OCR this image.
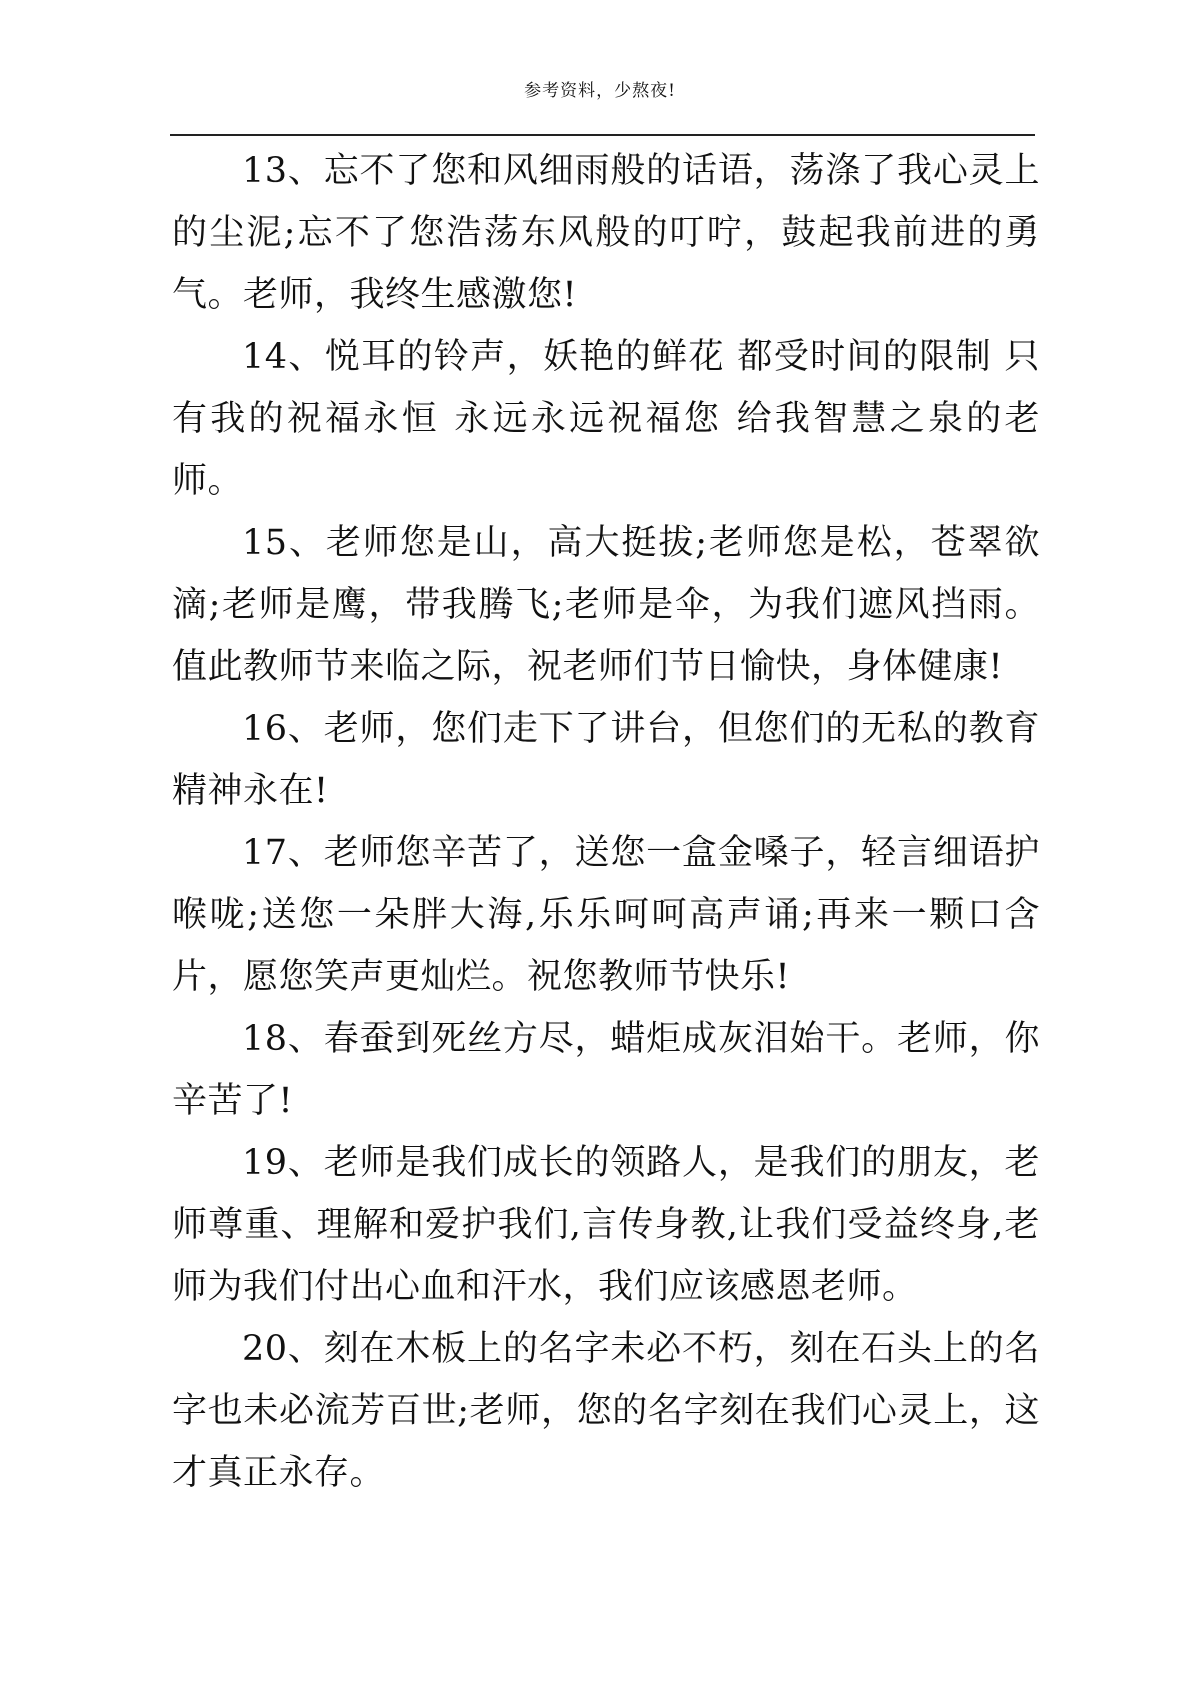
参考资料，少熬夜!

13、忘不了您和风细雨般的话语，荡涤了我心灵上的尘泥;忘不了您浩荡东风般的叮咛，鼓起我前进的勇气。老师，我终生感激您!

14、悦耳的铃声，妖艳的鲜花 都受时间的限制 只有我的祝福永恒 永远永远祝福您 给我智慧之泉的老师。

15、老师您是山，高大挺拔;老师您是松，苍翠欲滴;老师是鹰，带我腾飞;老师是伞，为我们遮风挡雨。值此教师节来临之际，祝老师们节日愉快，身体健康!

16、老师，您们走下了讲台，但您们的无私的教育精神永在!

17、老师您辛苦了，送您一盒金嗓子，轻言细语护喉咙;送您一朵胖大海,乐乐呵呵高声诵;再来一颗口含片，愿您笑声更灿烂。祝您教师节快乐!

18、春蚕到死丝方尽，蜡炬成灰泪始干。老师，你辛苦了!

19、老师是我们成长的领路人，是我们的朋友，老师尊重、理解和爱护我们,言传身教,让我们受益终身,老师为我们付出心血和汗水，我们应该感恩老师。

20、刻在木板上的名字未必不朽，刻在石头上的名字也未必流芳百世;老师，您的名字刻在我们心灵上，这才真正永存。
